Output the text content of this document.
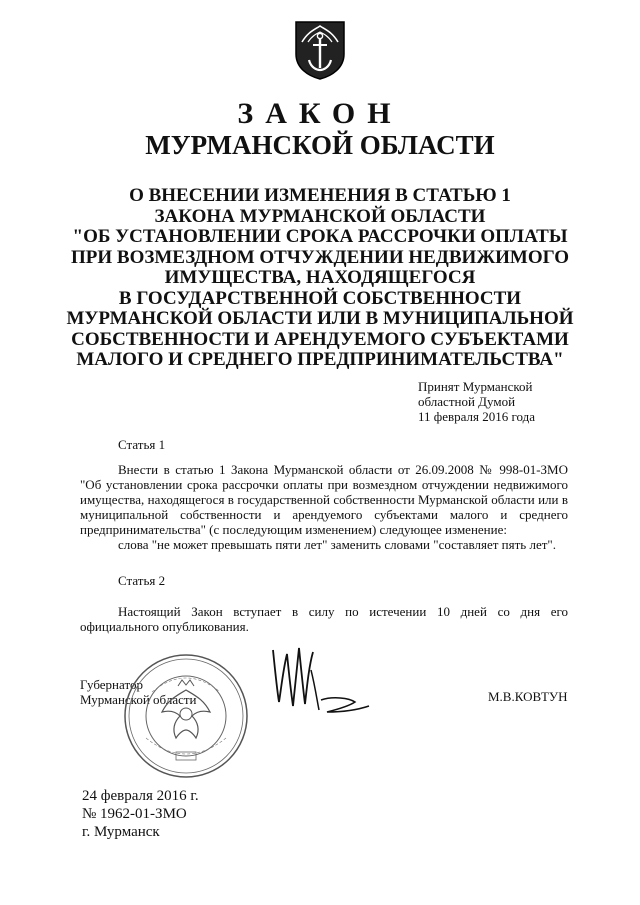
ЗАКОН
МУРМАНСКОЙ ОБЛАСТИ
О ВНЕСЕНИИ ИЗМЕНЕНИЯ В СТАТЬЮ 1
ЗАКОНА МУРМАНСКОЙ ОБЛАСТИ
"ОБ УСТАНОВЛЕНИИ СРОКА РАССРОЧКИ ОПЛАТЫ
ПРИ ВОЗМЕЗДНОМ ОТЧУЖДЕНИИ НЕДВИЖИМОГО
ИМУЩЕСТВА, НАХОДЯЩЕГОСЯ
В ГОСУДАРСТВЕННОЙ СОБСТВЕННОСТИ
МУРМАНСКОЙ ОБЛАСТИ ИЛИ В МУНИЦИПАЛЬНОЙ
СОБСТВЕННОСТИ И АРЕНДУЕМОГО СУБЪЕКТАМИ
МАЛОГО И СРЕДНЕГО ПРЕДПРИНИМАТЕЛЬСТВА"
Принят Мурманской
областной Думой
11 февраля 2016 года
Статья 1

Внести в статью 1 Закона Мурманской области от 26.09.2008 № 998-01-ЗМО "Об установлении срока рассрочки оплаты при возмездном отчуждении недвижимого имущества, находящегося в государственной собственности Мурманской области или в муниципальной собственности и арендуемого субъектами малого и среднего предпринимательства" (с последующим изменением) следующее изменение:

слова "не может превышать пяти лет" заменить словами "составляет пять лет".

Статья 2

Настоящий Закон вступает в силу по истечении 10 дней со дня его официального опубликования.

Губернатор
Мурманской области	М.В.КОВТУН
24 февраля 2016 г.
№ 1962-01-ЗМО
г. Мурманск
